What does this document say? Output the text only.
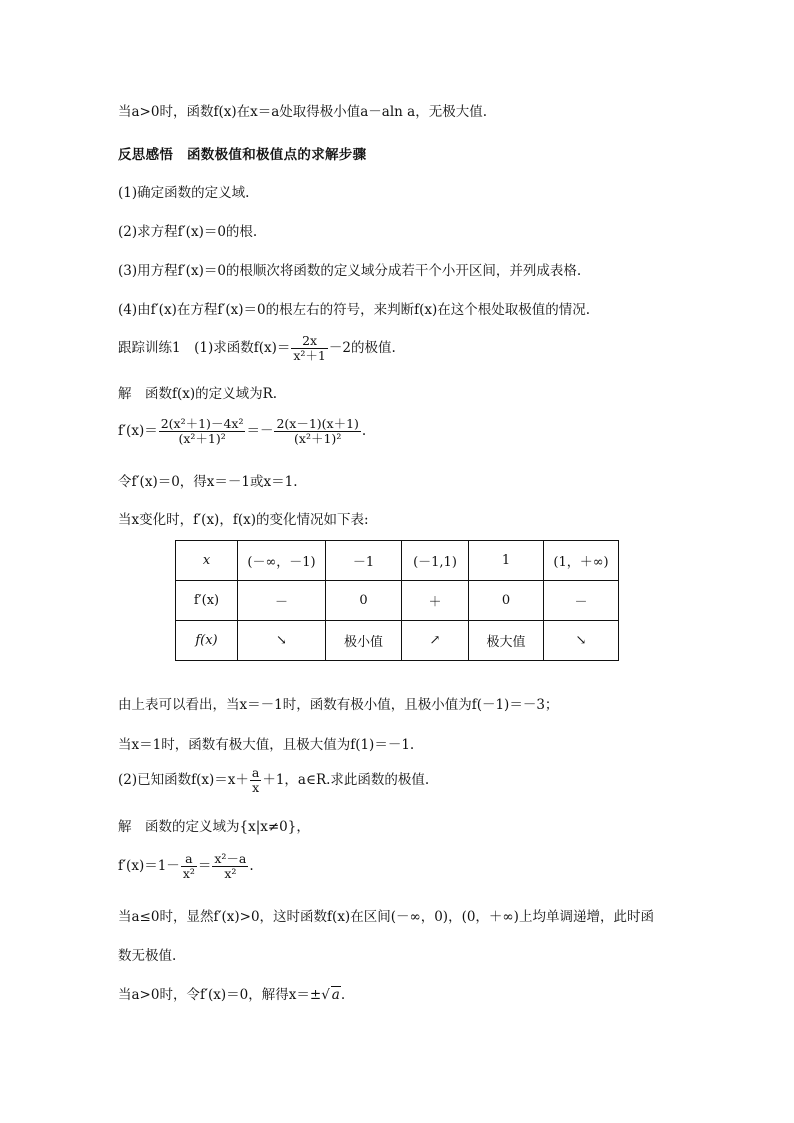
当a>0时，函数f(x)在x＝a处取得极小值a－aln a，无极大值.
反思感悟　函数极值和极值点的求解步骤
(1)确定函数的定义域.
(2)求方程f′(x)＝0的根.
(3)用方程f′(x)＝0的根顺次将函数的定义域分成若干个小开区间，并列成表格.
(4)由f′(x)在方程f′(x)＝0的根左右的符号，来判断f(x)在这个根处取极值的情况.
跟踪训练1　(1)求函数$f(x)= \frac{2x}{\text{x²＋1}} -2$的极值.
解　函数f(x)的定义域为R.
$f'(x)= \frac{\text{2(x²＋1)－4x²}}{\text{(x²＋1)²}} =- \frac{2(x-1)(x+1)}{\text{(x²＋1)²}}$ .
令f′(x)＝0，得x＝－1或x＝1.
当x变化时，f′(x)，f(x)的变化情况如下表:
x	(－∞，－1)	－1	(－1,1)	1	(1，＋∞)
f′(x)	－	0	＋	0	－
f(x)	↘	极小值	↗	极大值	↘
由上表可以看出，当x＝－1时，函数有极小值，且极小值为f(－1)＝－3；
当x＝1时，函数有极大值，且极大值为f(1)＝－1.
(2)已知函数$f(x)=x+ \frac{a}{x} +1$，a∈R.求此函数的极值.
解　函数的定义域为{x|x≠0}，
$f'(x)=1- \frac{a}{\text{x²}} = \frac{\text{x²－a}}{\text{x²}}$ .
当a≤0时，显然f′(x)>0，这时函数f(x)在区间(－∞，0)，(0，＋∞)上均单调递增，此时函
数无极值.
当a>0时，令f′(x)＝0，解得x＝±√ a.
